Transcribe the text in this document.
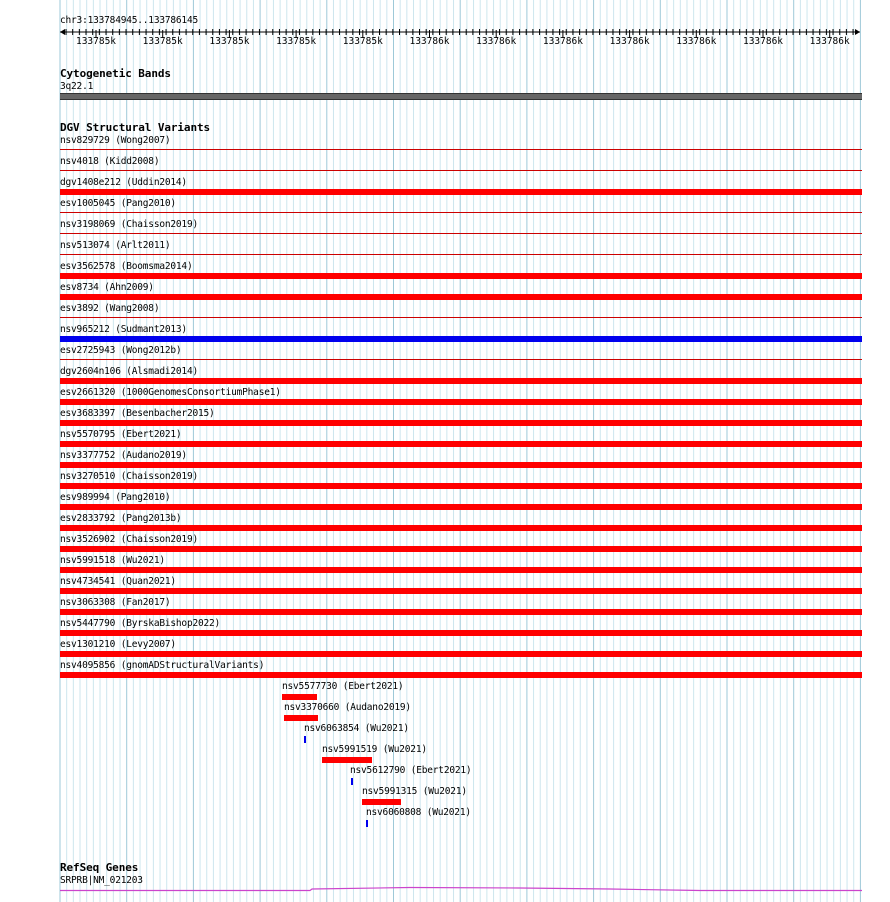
chr3:133784945..133786145
133785k	133785k	133785k	133785k	133785k	133786k	133786k	133786k	133786k	133786k	133786k	133786k
Cytogenetic Bands
3q22.1
DGV Structural Variants
nsv829729 (Wong2007)
nsv4018 (Kidd2008)
dgv1408e212 (Uddin2014)
esv1005045 (Pang2010)
nsv3198069 (Chaisson2019)
nsv513074 (Arlt2011)
esv3562578 (Boomsma2014)
esv8734 (Ahn2009)
esv3892 (Wang2008)
nsv965212 (Sudmant2013)
esv2725943 (Wong2012b)
dgv2604n106 (Alsmadi2014)
esv2661320 (1000GenomesConsortiumPhase1)
esv3683397 (Besenbacher2015)
nsv5570795 (Ebert2021)
nsv3377752 (Audano2019)
nsv3270510 (Chaisson2019)
esv989994 (Pang2010)
esv2833792 (Pang2013b)
nsv3526902 (Chaisson2019)
nsv5991518 (Wu2021)
nsv4734541 (Quan2021)
nsv3063308 (Fan2017)
nsv5447790 (ByrskaBishop2022)
esv1301210 (Levy2007)
nsv4095856 (gnomADStructuralVariants)
nsv5577730 (Ebert2021)
nsv3370660 (Audano2019)
nsv6063854 (Wu2021)
nsv5991519 (Wu2021)
nsv5612790 (Ebert2021)
nsv5991315 (Wu2021)
nsv6060808 (Wu2021)
RefSeq Genes
SRPRB|NM_021203
